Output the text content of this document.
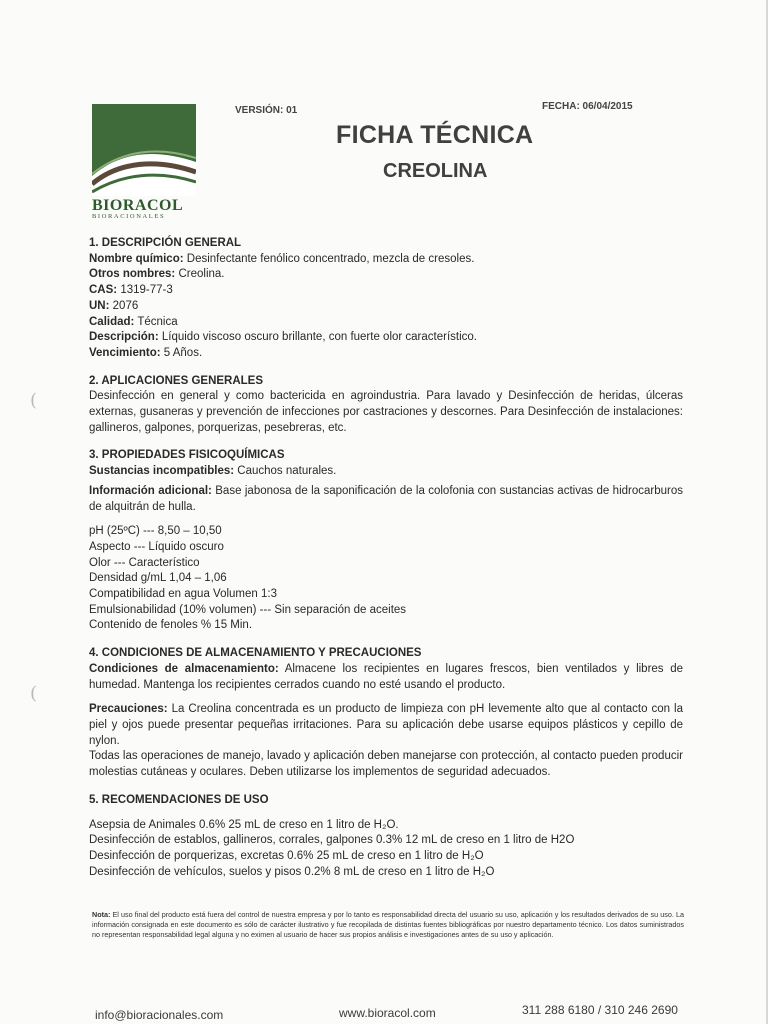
(
(
BIORACOL
BIORACIONALES
VERSIÓN: 01	FECHA: 06/04/2015
FICHA TÉCNICA
CREOLINA

1. DESCRIPCIÓN GENERAL

Nombre químico: Desinfectante fenólico concentrado, mezcla de cresoles.

Otros nombres: Creolina.

CAS: 1319-77-3

UN: 2076

Calidad: Técnica

Descripción: Líquido viscoso oscuro brillante, con fuerte olor característico.

Vencimiento: 5 Años.

2. APLICACIONES GENERALES

Desinfección en general y como bactericida en agroindustria. Para lavado y Desinfección de heridas, úlceras externas, gusaneras y prevención de infecciones por castraciones y descornes. Para Desinfección de instalaciones: gallineros, galpones, porquerizas, pesebreras, etc.

3. PROPIEDADES FISICOQUÍMICAS

Sustancias incompatibles: Cauchos naturales.

Información adicional: Base jabonosa de la saponificación de la colofonia con sustancias activas de hidrocarburos de alquitrán de hulla.

pH (25ºC) --- 8,50 – 10,50

Aspecto --- Líquido oscuro

Olor --- Característico

Densidad g/mL 1,04 – 1,06

Compatibilidad en agua Volumen 1:3

Emulsionabilidad (10% volumen) --- Sin separación de aceites

Contenido de fenoles % 15 Min.

4. CONDICIONES DE ALMACENAMIENTO Y PRECAUCIONES

Condiciones de almacenamiento: Almacene los recipientes en lugares frescos, bien ventilados y libres de humedad. Mantenga los recipientes cerrados cuando no esté usando el producto.

Precauciones: La Creolina concentrada es un producto de limpieza con pH levemente alto que al contacto con la piel y ojos puede presentar pequeñas irritaciones. Para su aplicación debe usarse equipos plásticos y cepillo de nylon.

Todas las operaciones de manejo, lavado y aplicación deben manejarse con protección, al contacto pueden producir molestias cutáneas y oculares. Deben utilizarse los implementos de seguridad adecuados.

5. RECOMENDACIONES DE USO

Asepsia de Animales 0.6% 25 mL de creso en 1 litro de H₂O.

Desinfección de establos, gallineros, corrales, galpones 0.3% 12 mL de creso en 1 litro de H2O

Desinfección de porquerizas, excretas 0.6% 25 mL de creso en 1 litro de H₂O

Desinfección de vehículos, suelos y pisos 0.2% 8 mL de creso en 1 litro de H₂O

Nota: El uso final del producto está fuera del control de nuestra empresa y por lo tanto es responsabilidad directa del usuario su uso, aplicación y los resultados derivados de su uso. La información consignada en este documento es sólo de carácter ilustrativo y fue recopilada de distintas fuentes bibliográficas por nuestro departamento técnico. Los datos suministrados no representan responsabilidad legal alguna y no eximen al usuario de hacer sus propios análisis e investigaciones antes de su uso y aplicación.
info@bioracionales.com	www.bioracol.com	311 288 6180 / 310 246 2690
